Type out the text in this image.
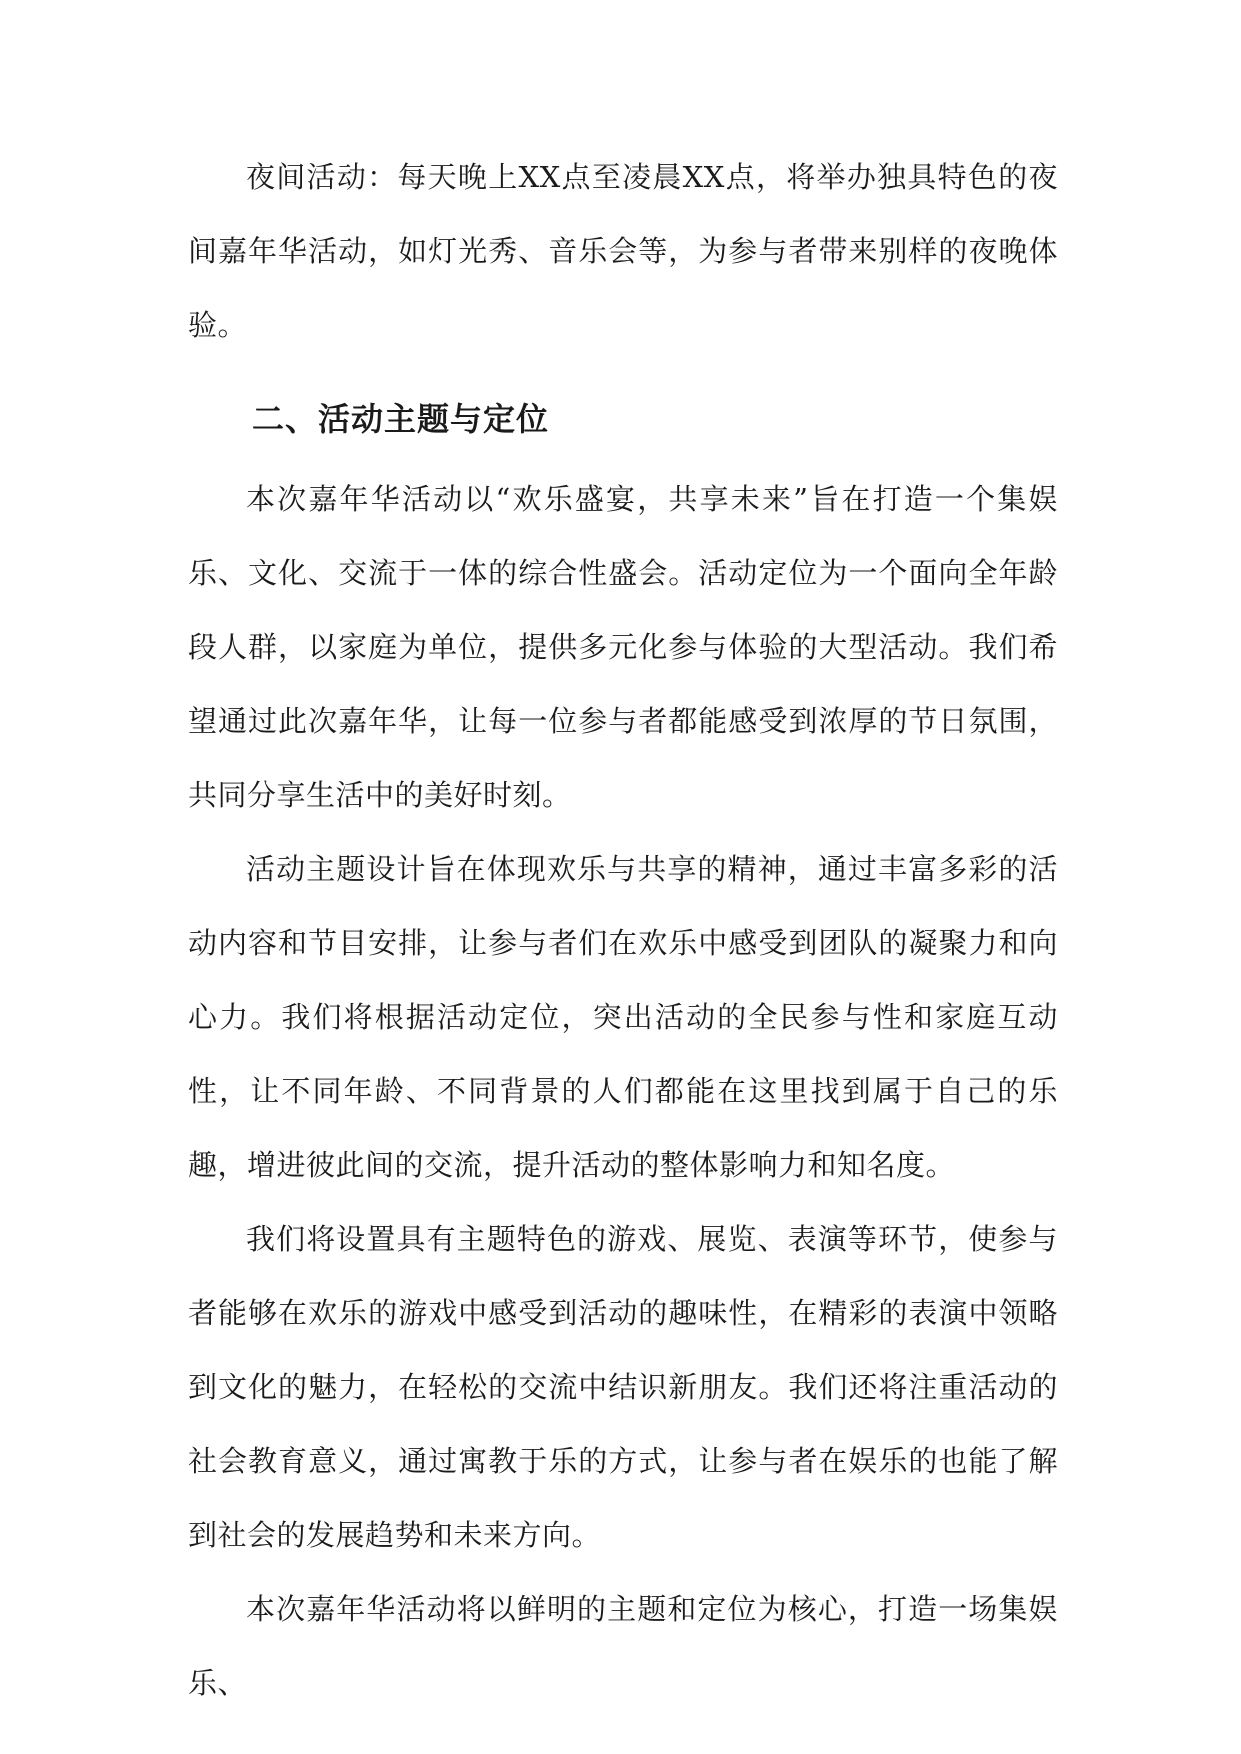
夜间活动：每天晚上XX点至凌晨XX点，将举办独具特色的夜间嘉年华活动，如灯光秀、音乐会等，为参与者带来别样的夜晚体验。

二、活动主题与定位

本次嘉年华活动以“欢乐盛宴，共享未来”旨在打造一个集娱乐、文化、交流于一体的综合性盛会。活动定位为一个面向全年龄段人群，以家庭为单位，提供多元化参与体验的大型活动。我们希望通过此次嘉年华，让每一位参与者都能感受到浓厚的节日氛围，共同分享生活中的美好时刻。

活动主题设计旨在体现欢乐与共享的精神，通过丰富多彩的活动内容和节目安排，让参与者们在欢乐中感受到团队的凝聚力和向心力。我们将根据活动定位，突出活动的全民参与性和家庭互动性，让不同年龄、不同背景的人们都能在这里找到属于自己的乐趣，增进彼此间的交流，提升活动的整体影响力和知名度。

我们将设置具有主题特色的游戏、展览、表演等环节，使参与者能够在欢乐的游戏中感受到活动的趣味性，在精彩的表演中领略到文化的魅力，在轻松的交流中结识新朋友。我们还将注重活动的社会教育意义，通过寓教于乐的方式，让参与者在娱乐的也能了解到社会的发展趋势和未来方向。

本次嘉年华活动将以鲜明的主题和定位为核心，打造一场集娱乐、
